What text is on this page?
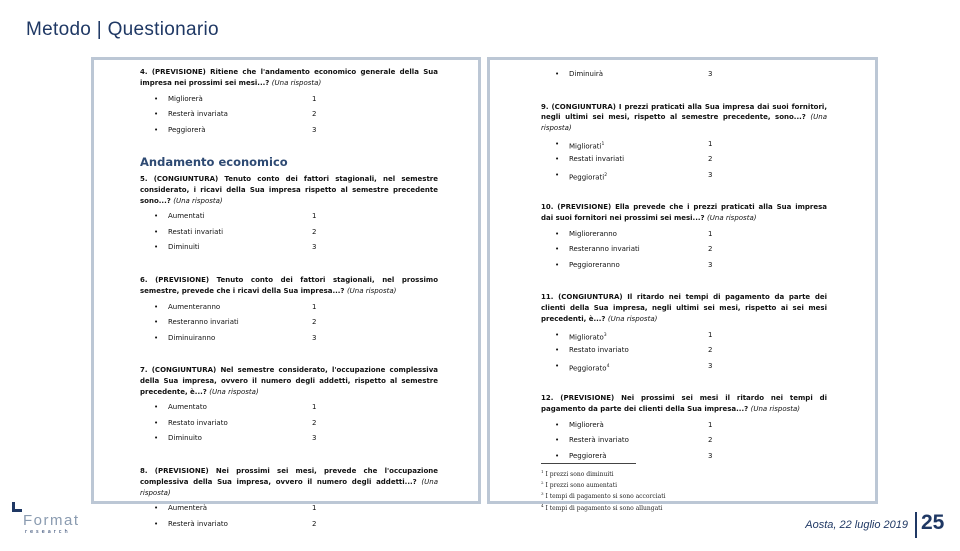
Metodo | Questionario
4. (PREVISIONE) Ritiene che l'andamento economico generale della Sua impresa nei prossimi sei mesi...? (Una risposta)
• Migliorerà	1
• Resterà invariata	2
• Peggiorerà	3
Andamento economico
5. (CONGIUNTURA) Tenuto conto dei fattori stagionali, nel semestre considerato, i ricavi della Sua impresa rispetto al semestre precedente sono...? (Una risposta)
• Aumentati	1
• Restati invariati	2
• Diminuiti	3
6. (PREVISIONE) Tenuto conto dei fattori stagionali, nel prossimo semestre, prevede che i ricavi della Sua impresa...? (Una risposta)
• Aumenteranno	1
• Resteranno invariati	2
• Diminuiranno	3
7. (CONGIUNTURA) Nel semestre considerato, l'occupazione complessiva della Sua impresa, ovvero il numero degli addetti, rispetto al semestre precedente, è...? (Una risposta)
• Aumentato	1
• Restato invariato	2
• Diminuito	3
8. (PREVISIONE) Nei prossimi sei mesi, prevede che l'occupazione complessiva della Sua impresa, ovvero il numero degli addetti...? (Una risposta)
• Aumenterà	1
• Resterà invariato	2
• Diminuirà	3
9. (CONGIUNTURA) I prezzi praticati alla Sua impresa dai suoi fornitori, negli ultimi sei mesi, rispetto al semestre precedente, sono...? (Una risposta)
• Migliorati$^1$	1
• Restati invariati	2
• Peggiorati$^2$	3
10. (PREVISIONE) Ella prevede che i prezzi praticati alla Sua impresa dai suoi fornitori nei prossimi sei mesi...? (Una risposta)
• Miglioreranno	1
• Resteranno invariati	2
• Peggioreranno	3
11. (CONGIUNTURA) Il ritardo nei tempi di pagamento da parte dei clienti della Sua impresa, negli ultimi sei mesi, rispetto ai sei mesi precedenti, è...? (Una risposta)
• Migliorato$^3$	1
• Restato invariato	2
• Peggiorato$^4$	3
12. (PREVISIONE) Nei prossimi sei mesi il ritardo nei tempi di pagamento da parte dei clienti della Sua impresa...? (Una risposta)
• Migliorerà	1
• Resterà invariato	2
• Peggiorerà	3
$^1$ I prezzi sono diminuiti
$^2$ I prezzi sono aumentati
$^3$ I tempi di pagamento si sono accorciati
$^4$ I tempi di pagamento si sono allungati
Format
research
Aosta, 22 luglio 2019 25
